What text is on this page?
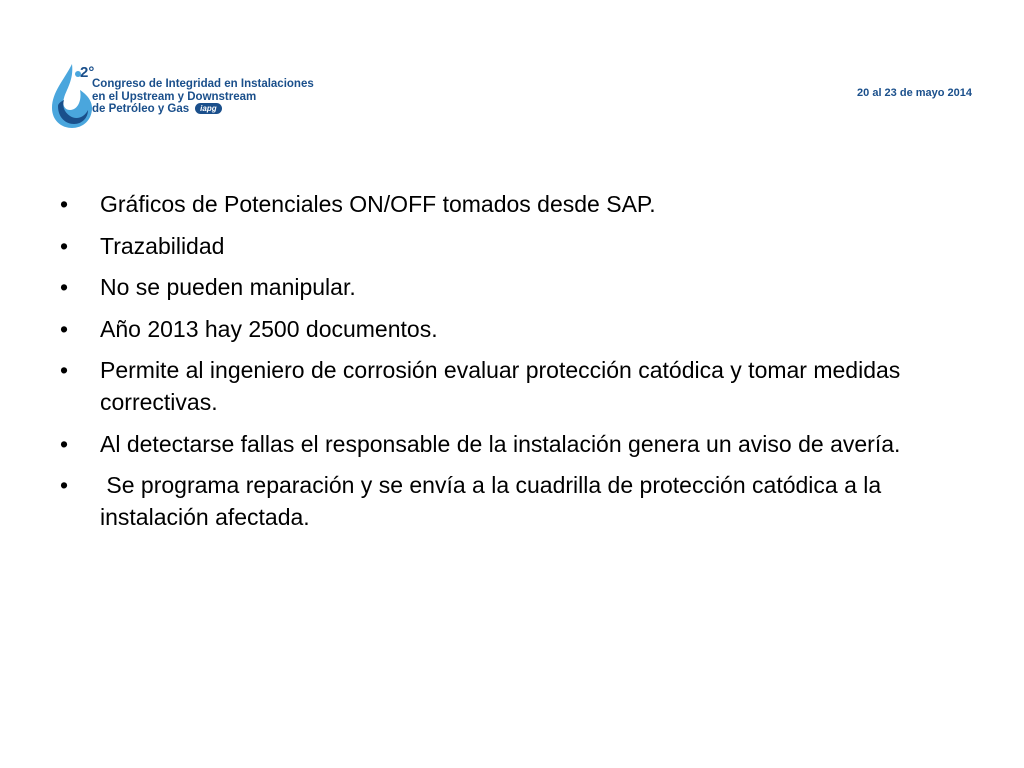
2°
Congreso de Integridad en Instalaciones
en el Upstream y Downstream
de Petróleo y Gas iapg
20 al 23 de mayo 2014
• Gráficos de Potenciales ON/OFF tomados desde SAP.
• Trazabilidad
• No se pueden manipular.
• Año 2013 hay 2500 documentos.
• Permite al ingeniero de corrosión evaluar protección catódica y tomar medidas correctivas.
• Al detectarse fallas el responsable de la instalación genera un aviso de avería.
• Se programa reparación y se envía a la cuadrilla de protección catódica a la instalación afectada.
